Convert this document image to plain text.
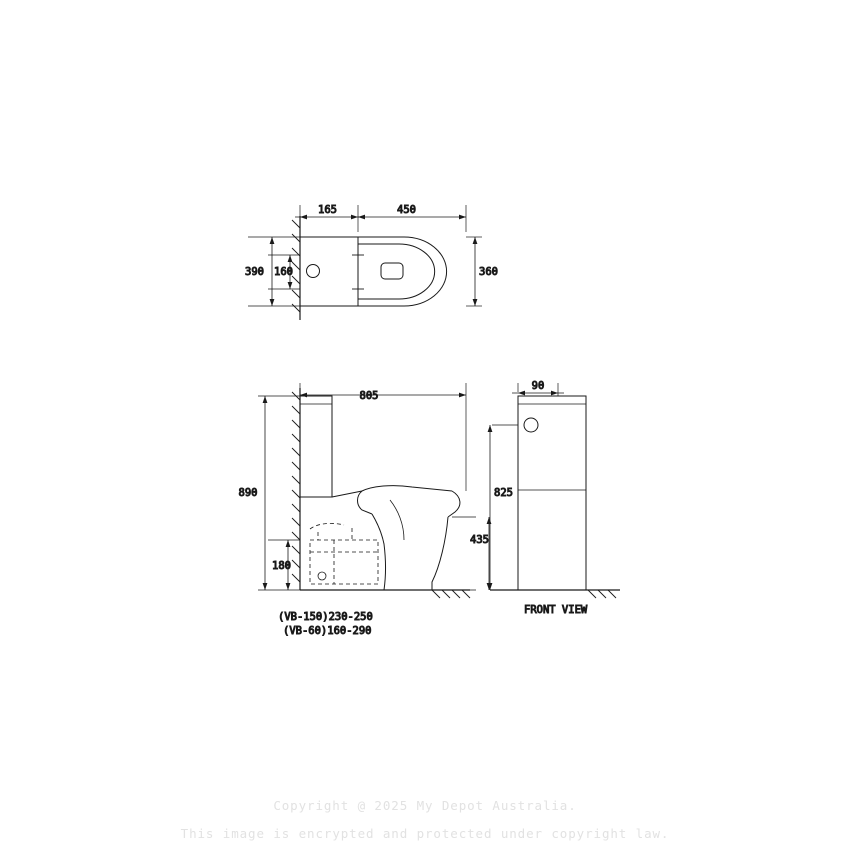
165	450
390 160	360
805
890
180
435
(VB-150)230-250
(VB-60)160-290
90
825
FRONT VIEW
Copyright @ 2025 My Depot Australia.
This image is encrypted and protected under copyright law.
